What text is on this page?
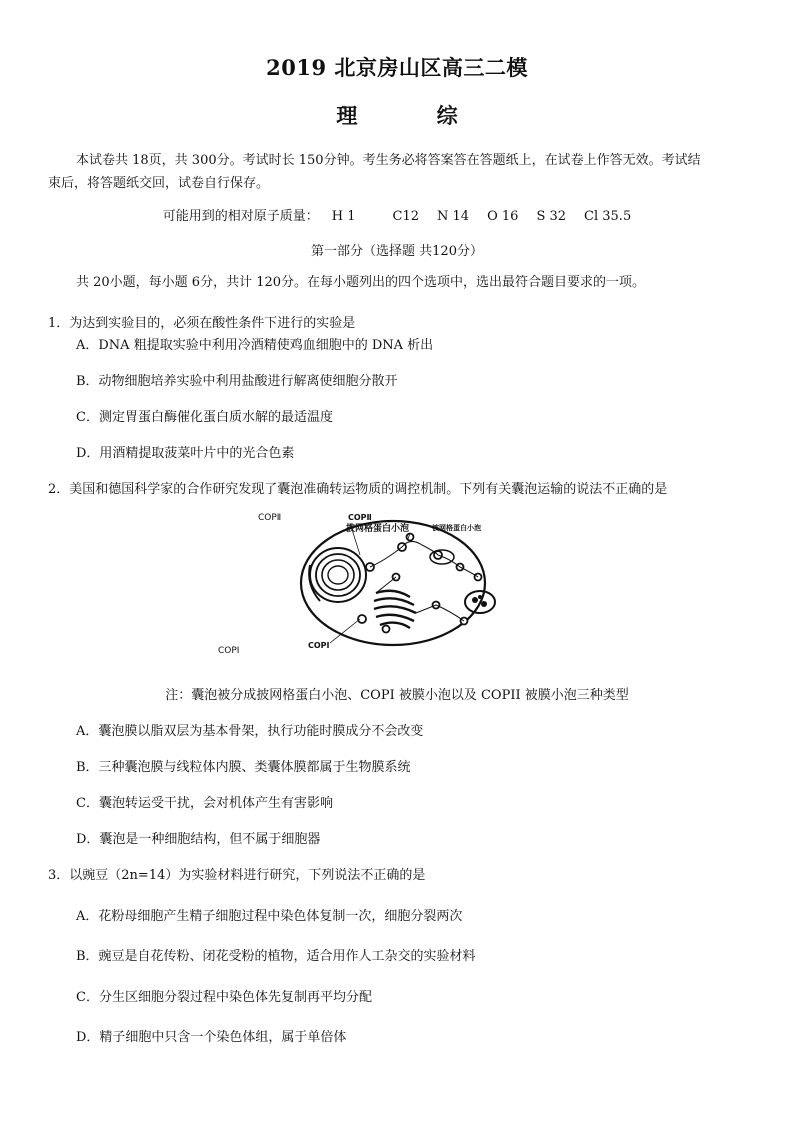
2019 北京房山区高三二模
理 综
本试卷共 18页，共 300分。考试时长 150分钟。考生务必将答案答在答题纸上，在试卷上作答无效。考试结
束后，将答题纸交回，试卷自行保存。
可能用到的相对原子质量： H 1	C12 N 14 O 16 S 32 Cl 35.5
第一部分（选择题 共120分）
共 20小题，每小题 6分，共计 120分。在每小题列出的四个选项中，选出最符合题目要求的一项。
1．为达到实验目的，必须在酸性条件下进行的实验是
A．DNA 粗提取实验中利用冷酒精使鸡血细胞中的 DNA 析出
B．动物细胞培养实验中利用盐酸进行解离使细胞分散开
C．测定胃蛋白酶催化蛋白质水解的最适温度
D．用酒精提取菠菜叶片中的光合色素
2．美国和德国科学家的合作研究发现了囊泡准确转运物质的调控机制。下列有关囊泡运输的说法不正确的是
COPⅡ	COPⅡ
披网格蛋白小泡	被网格蛋白小泡
COPⅠ
COPⅠ
注：囊泡被分成披网格蛋白小泡、COPI 被膜小泡以及 COPII 被膜小泡三种类型
A．囊泡膜以脂双层为基本骨架，执行功能时膜成分不会改变
B．三种囊泡膜与线粒体内膜、类囊体膜都属于生物膜系统
C．囊泡转运受干扰，会对机体产生有害影响
D．囊泡是一种细胞结构，但不属于细胞器
3．以豌豆（2n=14）为实验材料进行研究，下列说法不正确的是
A．花粉母细胞产生精子细胞过程中染色体复制一次，细胞分裂两次
B．豌豆是自花传粉、闭花受粉的植物，适合用作人工杂交的实验材料
C．分生区细胞分裂过程中染色体先复制再平均分配
D．精子细胞中只含一个染色体组，属于单倍体
